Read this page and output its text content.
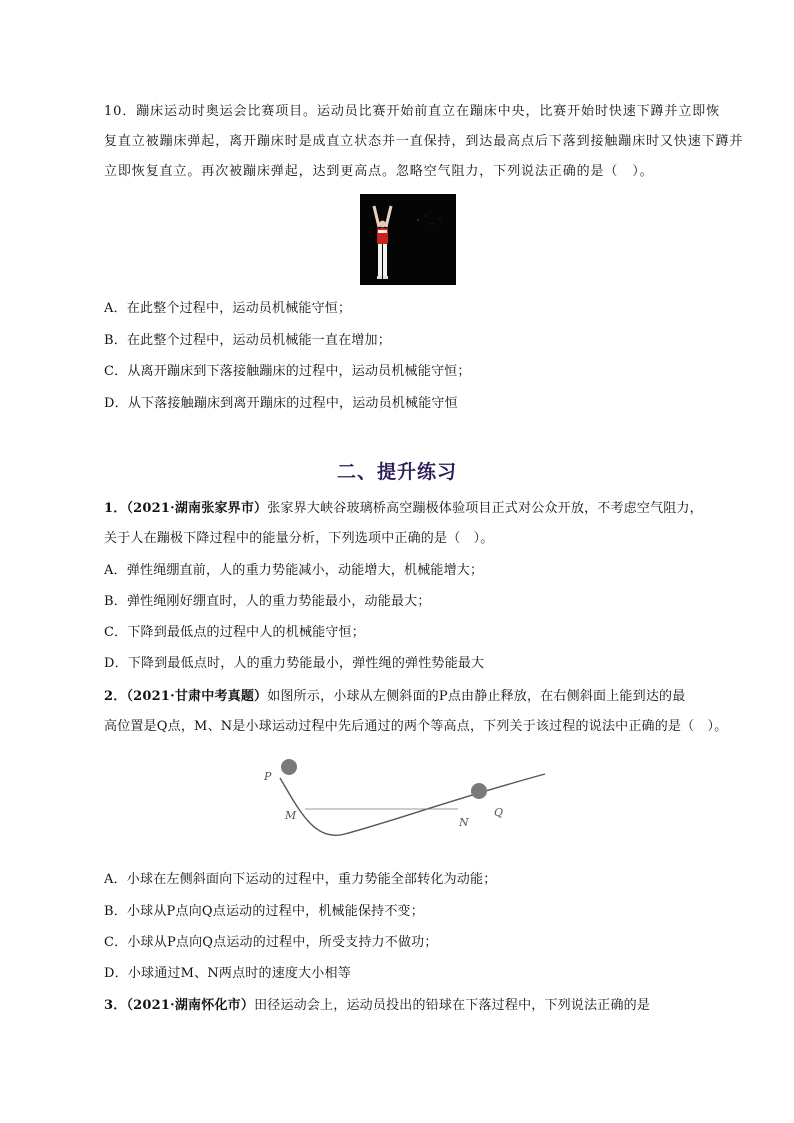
10．蹦床运动时奥运会比赛项目。运动员比赛开始前直立在蹦床中央，比赛开始时快速下蹲并立即恢
复直立被蹦床弹起，离开蹦床时是成直立状态并一直保持，到达最高点后下落到接触蹦床时又快速下蹲并
立即恢复直立。再次被蹦床弹起，达到更高点。忽略空气阻力，下列说法正确的是（　）。
A．在此整个过程中，运动员机械能守恒；
B．在此整个过程中，运动员机械能一直在增加；
C．从离开蹦床到下落接触蹦床的过程中，运动员机械能守恒；
D．从下落接触蹦床到离开蹦床的过程中，运动员机械能守恒
二、提升练习
1．（2021·湖南张家界市）张家界大峡谷玻璃桥高空蹦极体验项目正式对公众开放，不考虑空气阻力，
关于人在蹦极下降过程中的能量分析，下列选项中正确的是（　）。
A．弹性绳绷直前，人的重力势能减小，动能增大，机械能增大；
B．弹性绳刚好绷直时，人的重力势能最小，动能最大；
C．下降到最低点的过程中人的机械能守恒；
D．下降到最低点时，人的重力势能最小，弹性绳的弹性势能最大
2．（2021·甘肃中考真题）如图所示，小球从左侧斜面的P点由静止释放，在右侧斜面上能到达的最
高位置是Q点，M、N是小球运动过程中先后通过的两个等高点，下列关于该过程的说法中正确的是（　）。
P
M
N
Q
A．小球在左侧斜面向下运动的过程中，重力势能全部转化为动能；
B．小球从P点向Q点运动的过程中，机械能保持不变；
C．小球从P点向Q点运动的过程中，所受支持力不做功；
D．小球通过M、N两点时的速度大小相等
3．（2021·湖南怀化市）田径运动会上，运动员投出的铅球在下落过程中，下列说法正确的是
